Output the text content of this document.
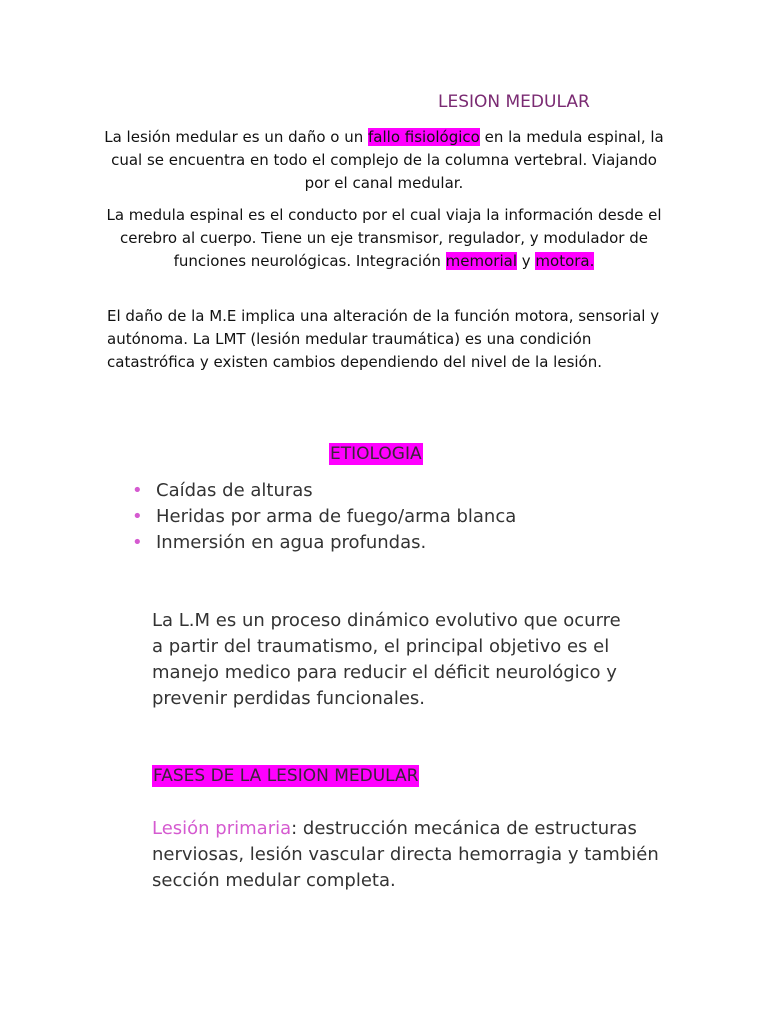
LESION MEDULAR

La lesión medular es un daño o un fallo fisiológico en la medula espinal, la cual se encuentra en todo el complejo de la columna vertebral. Viajando por el canal medular.

La medula espinal es el conducto por el cual viaja la información desde el cerebro al cuerpo. Tiene un eje transmisor, regulador, y modulador de funciones neurológicas. Integración memorial y motora.

El daño de la M.E implica una alteración de la función motora, sensorial y autónoma. La LMT (lesión medular traumática) es una condición catastrófica y existen cambios dependiendo del nivel de la lesión.

ETIOLOGIA
• Caídas de alturas
• Heridas por arma de fuego/arma blanca
• Inmersión en agua profundas.

La L.M es un proceso dinámico evolutivo que ocurre a partir del traumatismo, el principal objetivo es el manejo medico para reducir el déficit neurológico y prevenir perdidas funcionales.

FASES DE LA LESION MEDULAR

Lesión primaria: destrucción mecánica de estructuras nerviosas, lesión vascular directa hemorragia y también sección medular completa.
